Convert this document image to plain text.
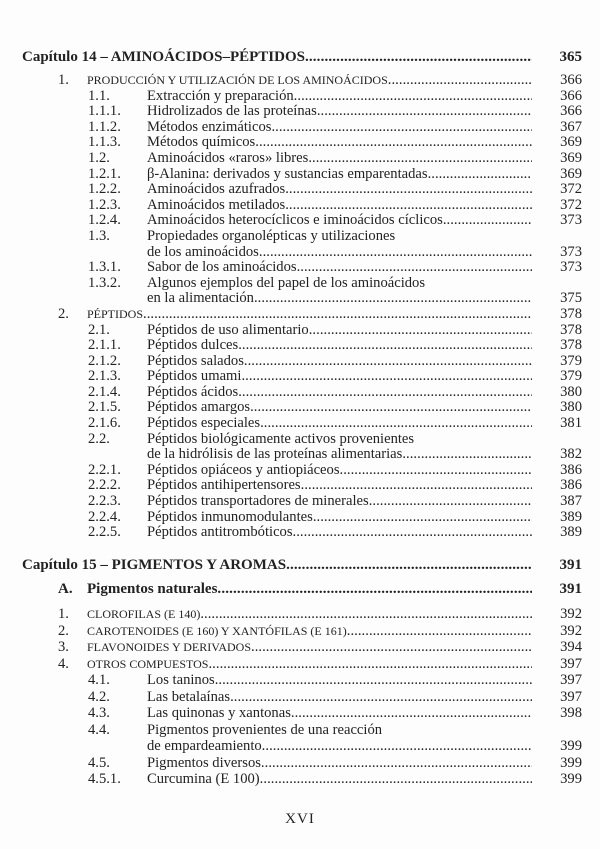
Capítulo 14 – AMINOÁCIDOS–PÉPTIDOS . . .	365
1. PRODUCCIÓN Y UTILIZACIÓN DE LOS AMINOÁCIDOS . . .	366
1.1.	Extracción y preparación . . .	366
1.1.1. Hidrolizados de las proteínas . . .	366
1.1.2. Métodos enzimáticos . . .	367
1.1.3. Métodos químicos . . .	369
1.2.	Aminoácidos «raros» libres . . .	369
1.2.1. β-Alanina: derivados y sustancias emparentadas . . .	369
1.2.2. Aminoácidos azufrados . . .	372
1.2.3. Aminoácidos metilados . . .	372
1.2.4. Aminoácidos heterocíclicos e iminoácidos cíclicos . . .	373
1.3.	Propiedades organolépticas y utilizaciones
de los aminoácidos . . .	373
1.3.1. Sabor de los aminoácidos . . .	373
1.3.2. Algunos ejemplos del papel de los aminoácidos
en la alimentación . . .	375
2. PÉPTIDOS . . .	378
2.1.	Péptidos de uso alimentario . . .	378
2.1.1. Péptidos dulces . . .	378
2.1.2. Péptidos salados . . .	379
2.1.3. Péptidos umami . . .	379
2.1.4. Péptidos ácidos . . .	380
2.1.5. Péptidos amargos . . .	380
2.1.6. Péptidos especiales . . .	381
2.2.	Péptidos biológicamente activos provenientes
de la hidrólisis de las proteínas alimentarias . . .	382
2.2.1. Péptidos opiáceos y antiopiáceos . . .	386
2.2.2. Péptidos antihipertensores . . .	386
2.2.3. Péptidos transportadores de minerales . . .	387
2.2.4. Péptidos inmunomodulantes . . .	389
2.2.5. Péptidos antitrombóticos . . .	389
Capítulo 15 – PIGMENTOS Y AROMAS . . .	391
A. Pigmentos naturales . . .	391
1. CLOROFILAS (E 140) . . .	392
2. CAROTENOIDES (E 160) Y XANTÓFILAS (E 161) . . .	392
3. FLAVONOIDES Y DERIVADOS . . .	394
4. OTROS COMPUESTOS . . .	397
4.1.	Los taninos . . .	397
4.2.	Las betalaínas . . .	397
4.3.	Las quinonas y xantonas . . .	398
4.4.	Pigmentos provenientes de una reacción
de empardeamiento . . .	399
4.5.	Pigmentos diversos . . .	399
4.5.1. Curcumina (E 100) . . .	399
XVI
